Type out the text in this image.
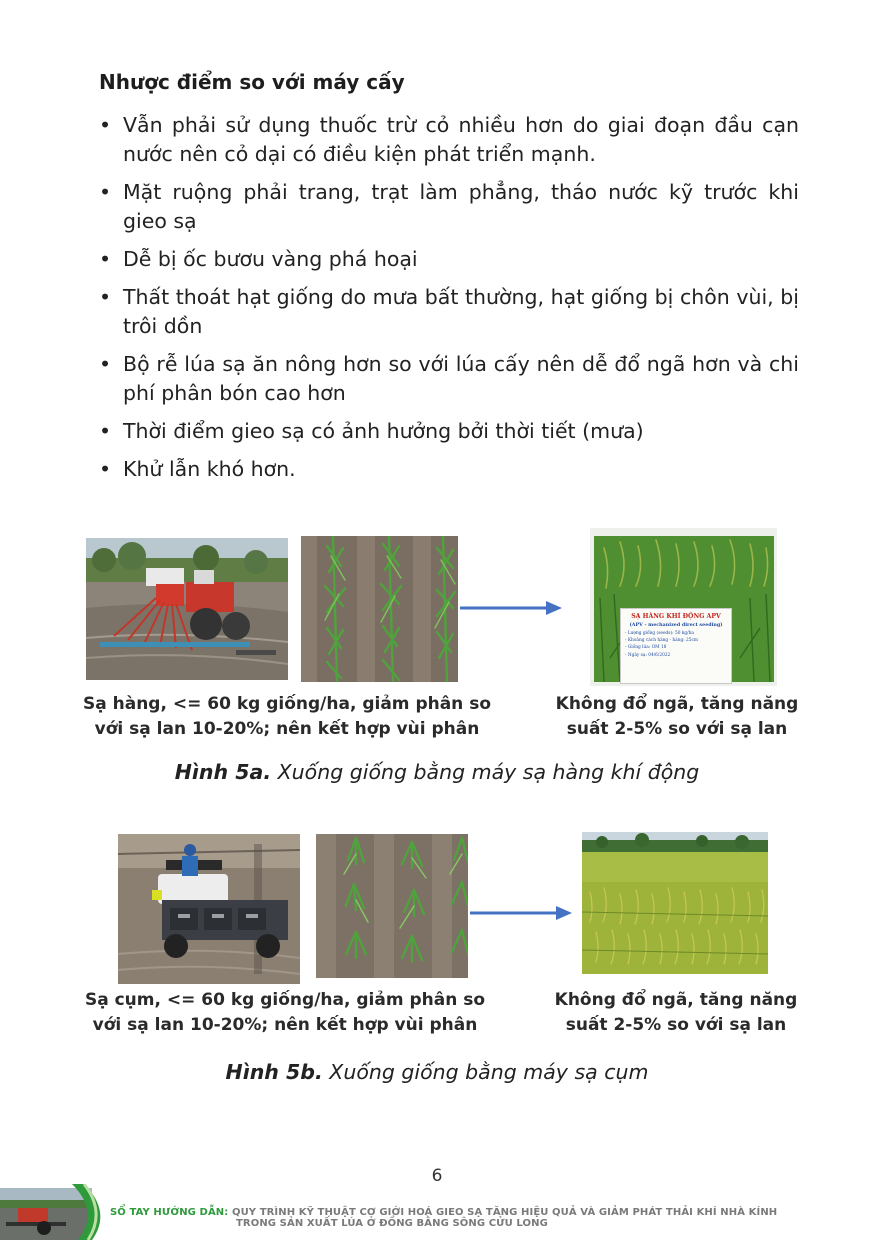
Nhược điểm so với máy cấy
• Vẫn phải sử dụng thuốc trừ cỏ nhiều hơn do giai đoạn đầu cạn nước nên cỏ dại có điều kiện phát triển mạnh.
• Mặt ruộng phải trang, trạt làm phẳng, tháo nước kỹ trước khi gieo sạ
• Dễ bị ốc bươu vàng phá hoại
• Thất thoát hạt giống do mưa bất thường, hạt giống bị chôn vùi, bị trôi dồn
• Bộ rễ lúa sạ ăn nông hơn so với lúa cấy nên dễ đổ ngã hơn và chi phí phân bón cao hơn
• Thời điểm gieo sạ có ảnh hưởng bởi thời tiết (mưa)
• Khử lẫn khó hơn.
SẠ HÀNG KHÍ ĐỘNG APV
(APV - mechanized direct seeding)
- Lượng giống (seeds): 50 kg/ha
- Khoảng cách hàng - hàng: 25cm
- Giống lúa: OM 18
- Ngày sạ: 04/6/2022
Sạ hàng, <= 60 kg giống/ha, giảm phân so
với sạ lan 10-20%; nên kết hợp vùi phân
Không đổ ngã, tăng năng
suất 2-5% so với sạ lan
Hình 5a. Xuống giống bằng máy sạ hàng khí động
Sạ cụm, <= 60 kg giống/ha, giảm phân so
với sạ lan 10-20%; nên kết hợp vùi phân
Không đổ ngã, tăng năng
suất 2-5% so với sạ lan
Hình 5b. Xuống giống bằng máy sạ cụm
6
SỔ TAY HƯỚNG DẪN: QUY TRÌNH KỸ THUẬT CƠ GIỚI HOÁ GIEO SẠ TĂNG HIỆU QUẢ VÀ GIẢM PHÁT THẢI KHÍ NHÀ KÍNH
TRONG SẢN XUẤT LÚA Ở ĐỒNG BẰNG SÔNG CỬU LONG
